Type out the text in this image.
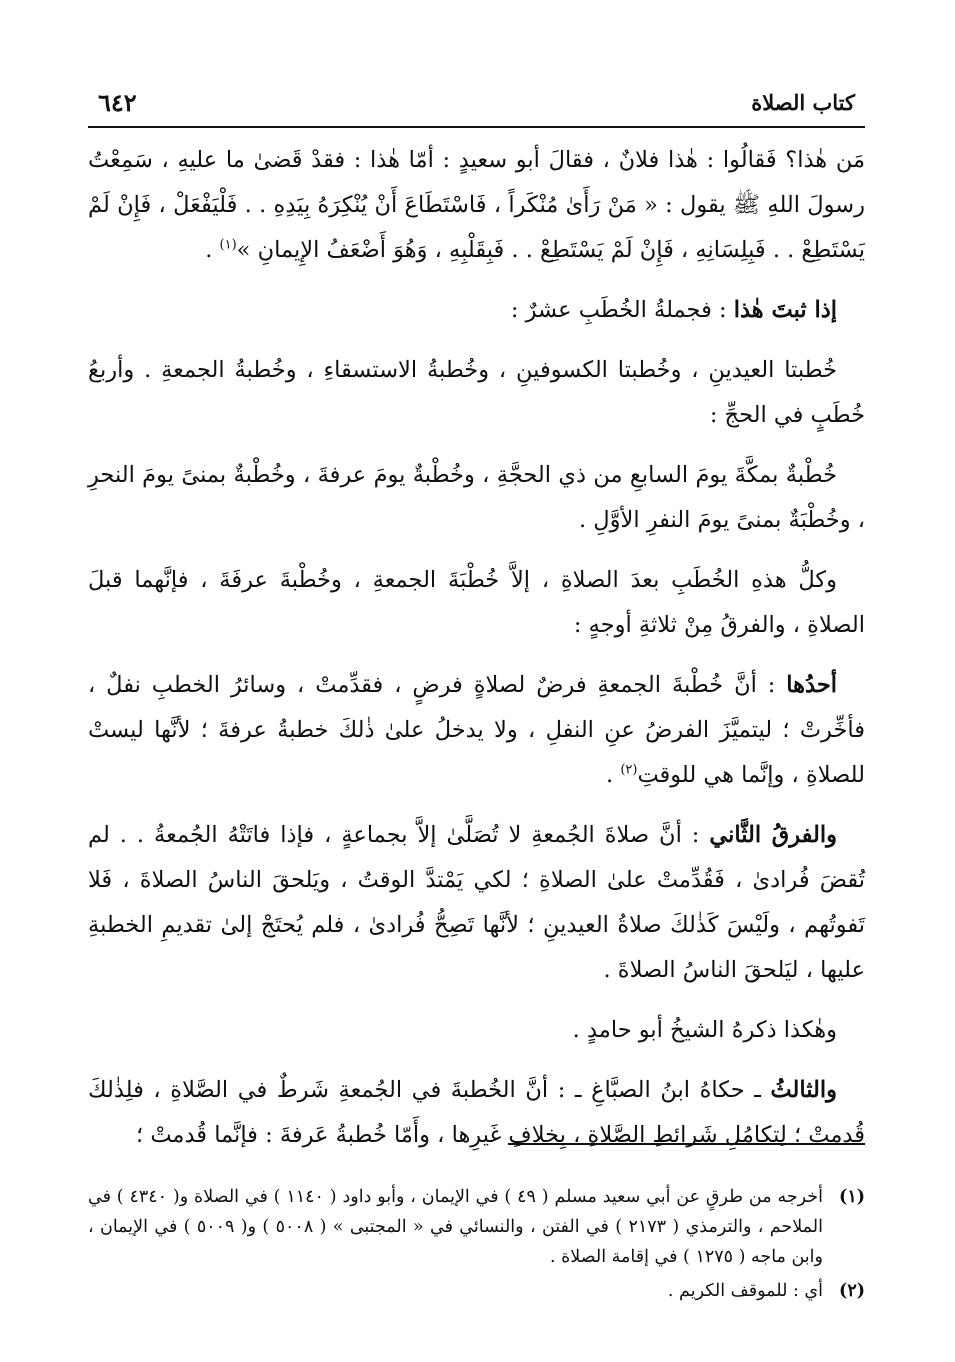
كتاب الصلاة
٦٤٢

مَن هٰذا؟ فَقالُوا : هٰذا فلانٌ ، فقالَ أبو سعيدٍ : أمّا هٰذا : فقدْ قَضىٰ ما عليهِ ، سَمِعْتُ رسولَ اللهِ ﷺ يقول : « مَنْ رَأَىٰ مُنْكَراً ، فَاسْتَطَاعَ أَنْ يُنْكِرَهُ بِيَدِهِ . . فَلْيَفْعَلْ ، فَإِنْ لَمْ يَسْتَطِعْ . . فَبِلِسَانِهِ ، فَإِنْ لَمْ يَسْتَطِعْ . . فَبِقَلْبِهِ ، وَهُوَ أَضْعَفُ الإِيمانِ »$^{(١)}$ .

إذا ثبتَ هٰذا : فجملةُ الخُطَبِ عشرٌ :

خُطبتا العيدينِ ، وخُطبتا الكسوفينِ ، وخُطبةُ الاستسقاءِ ، وخُطبةُ الجمعةِ . وأربعُ خُطَبٍ في الحجِّ :

خُطْبةٌ بمكَّةَ يومَ السابعِ من ذي الحجَّةِ ، وخُطْبةٌ يومَ عرفةَ ، وخُطْبةٌ بمنىً يومَ النحرِ ، وخُطْبَةٌ بمنىً يومَ النفرِ الأوَّلِ .

وكلُّ هذهِ الخُطَبِ بعدَ الصلاةِ ، إلاَّ خُطْبَةَ الجمعةِ ، وخُطْبةَ عرفَةَ ، فإنَّهما قبلَ الصلاةِ ، والفرقُ مِنْ ثلاثةِ أوجهٍ :

أحدُها : أنَّ خُطْبةَ الجمعةِ فرضٌ لصلاةٍ فرضٍ ، فقدِّمتْ ، وسائرُ الخطبِ نفلٌ ، فأخِّرتْ ؛ ليتميَّزَ الفرضُ عنِ النفلِ ، ولا يدخلُ علىٰ ذٰلكَ خطبةُ عرفةَ ؛ لأنَّها ليستْ للصلاةِ ، وإنَّما هي للوقتِ$^{(٢)}$ .

والفرقُ الثَّاني : أنَّ صلاةَ الجُمعةِ لا تُصَلَّىٰ إلاَّ بجماعةٍ ، فإذا فاتَتْهُ الجُمعةُ . . لم تُقضَ فُرادىٰ ، فَقُدِّمتْ علىٰ الصلاةِ ؛ لكي يَمْتدَّ الوقتُ ، ويَلحقَ الناسُ الصلاةَ ، فَلا تَفوتُهم ، ولَيْسَ كَذٰلكَ صلاةُ العيدينِ ؛ لأنَّها تَصِحُّ فُرادىٰ ، فلم يُحتَجْ إلىٰ تقديمِ الخطبةِ عليها ، ليَلحقَ الناسُ الصلاةَ .

وهٰكذا ذكرهُ الشيخُ أبو حامدٍ .

والثالثُ ـ حكاهُ ابنُ الصبَّاغِ ـ : أنَّ الخُطبةَ في الجُمعةِ شَرطٌ في الصَّلاةِ ، فلِذٰلكَ قُدمتْ ؛ لِتكامُلِ شَرائطِ الصَّلاةِ ، بِخلافِ غَيرِها ، وأَمّا خُطبةُ عَرفةَ : فإنَّما قُدمتْ ؛

(١)
أخرجه من طرقٍ عن أبي سعيد مسلم ( ٤٩ ) في الإيمان ، وأبو داود ( ١١٤٠ ) في الصلاة و( ٤٣٤٠ ) في الملاحم ، والترمذي ( ٢١٧٣ ) في الفتن ، والنسائي في « المجتبى » ( ٥٠٠٨ ) و( ٥٠٠٩ ) في الإيمان ، وابن ماجه ( ١٢٧٥ ) في إقامة الصلاة .
(٢)
أي : للموقف الكريم .
